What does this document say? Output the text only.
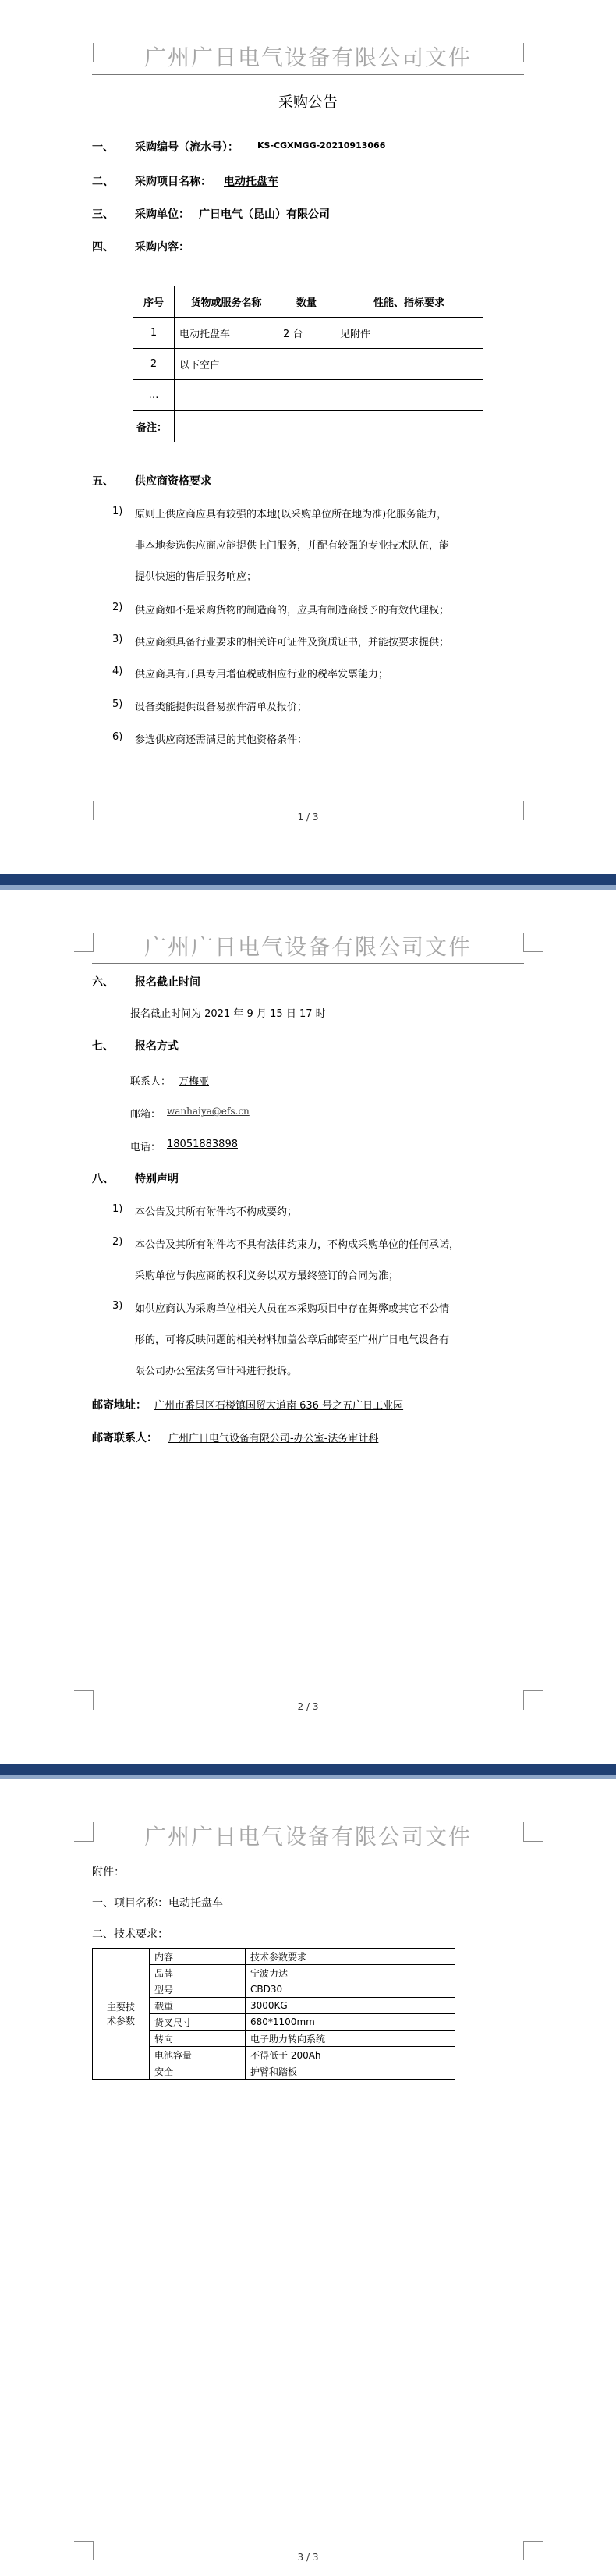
广州广日电气设备有限公司文件
采购公告
一、 采购编号（流水号）： KS-CGXMGG-20210913066
二、 采购项目名称： 电动托盘车
三、 采购单位： 广日电气（昆山）有限公司
四、 采购内容：
序号	货物或服务名称	数量	性能、指标要求
1	电动托盘车	2 台	见附件
2	以下空白		
…			
备注：			
五、 供应商资格要求
1) 原则上供应商应具有较强的本地(以采购单位所在地为准)化服务能力，
非本地参选供应商应能提供上门服务，并配有较强的专业技术队伍，能
提供快速的售后服务响应；
2) 供应商如不是采购货物的制造商的，应具有制造商授予的有效代理权；
3) 供应商须具备行业要求的相关许可证件及资质证书，并能按要求提供；
4) 供应商具有开具专用增值税或相应行业的税率发票能力；
5) 设备类能提供设备易损件清单及报价；
6) 参选供应商还需满足的其他资格条件：
1 / 3
广州广日电气设备有限公司文件
六、 报名截止时间
报名截止时间为 2021 年 9 月 15 日 17 时
七、 报名方式
联系人： 万梅亚
邮箱： wanhaiya@efs.cn
电话： 18051883898
八、 特别声明
1) 本公告及其所有附件均不构成要约；
2) 本公告及其所有附件均不具有法律约束力，不构成采购单位的任何承诺，
采购单位与供应商的权利义务以双方最终签订的合同为准；
3) 如供应商认为采购单位相关人员在本采购项目中存在舞弊或其它不公情
形的，可将反映问题的相关材料加盖公章后邮寄至广州广日电气设备有
限公司办公室法务审计科进行投诉。
邮寄地址： 广州市番禺区石楼镇国贸大道南 636 号之五广日工业园
邮寄联系人： 广州广日电气设备有限公司-办公室-法务审计科
2 / 3
广州广日电气设备有限公司文件
附件：
一、项目名称：电动托盘车
二、技术要求：
主要技
术参数	内容	技术参数要求
	品牌	宁波力达
	型号	CBD30
	载重	3000KG
	货叉尺寸	680*1100mm
	转向	电子助力转向系统
	电池容量	不得低于 200Ah
	安全	护臂和踏板
3 / 3
